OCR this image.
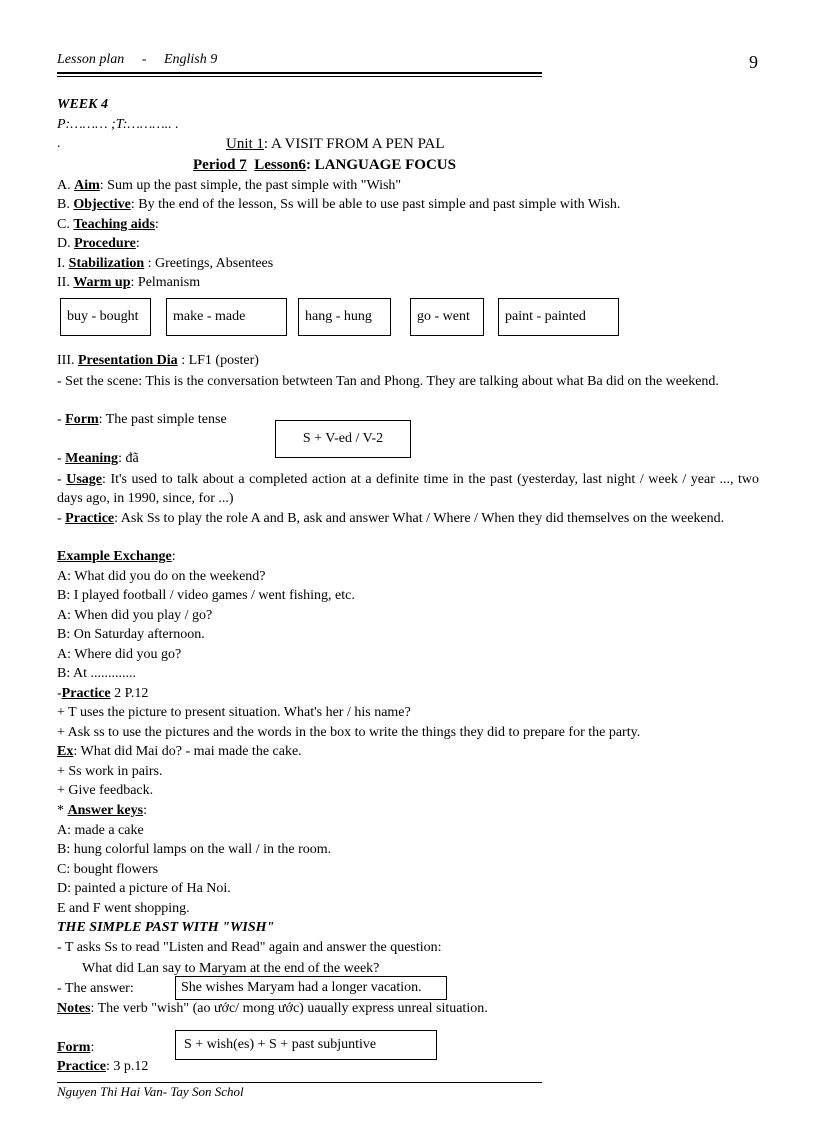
Lesson plan - English 9	9
WEEK 4
P:……… ;T:……….. .
.	Unit 1: A VISIT FROM A PEN PAL
Period 7 Lesson6: LANGUAGE FOCUS
A. Aim: Sum up the past simple, the past simple with "Wish"
B. Objective: By the end of the lesson, Ss will be able to use past simple and past simple with Wish.
C. Teaching aids:
D. Procedure:
I. Stabilization : Greetings, Absentees
II. Warm up: Pelmanism
buy - bought	make - made	hang - hung	go - went	paint - painted
III. Presentation Dia : LF1 (poster)
- Set the scene: This is the conversation betwteen Tan and Phong. They are talking about what Ba did on the weekend.
- Form: The past simple tense
S + V-ed / V-2
- Meaning: đã
- Usage: It's used to talk about a completed action at a definite time in the past (yesterday, last night / week / year ..., two days ago, in 1990, since, for ...)
- Practice: Ask Ss to play the role A and B, ask and answer What / Where / When they did themselves on the weekend.
Example Exchange:
A: What did you do on the weekend?
B: I played football / video games / went fishing, etc.
A: When did you play / go?
B: On Saturday afternoon.
A: Where did you go?
B: At .............
-Practice 2 P.12
+ T uses the picture to present situation. What's her / his name?
+ Ask ss to use the pictures and the words in the box to write the things they did to prepare for the party.
Ex: What did Mai do? - mai made the cake.
+ Ss work in pairs.
+ Give feedback.
* Answer keys:
A: made a cake
B: hung colorful lamps on the wall / in the room.
C: bought flowers
D: painted a picture of Ha Noi.
E and F went shopping.
THE SIMPLE PAST WITH "WISH"
- T asks Ss to read "Listen and Read" again and answer the question:
What did Lan say to Maryam at the end of the week?
- The answer:	She wishes Maryam had a longer vacation.
Notes: The verb "wish" (ao ước/ mong ước) uaually express unreal situation.
Form:	S + wish(es) + S + past subjuntive
Practice: 3 p.12
Nguyen Thi Hai Van- Tay Son Schol
